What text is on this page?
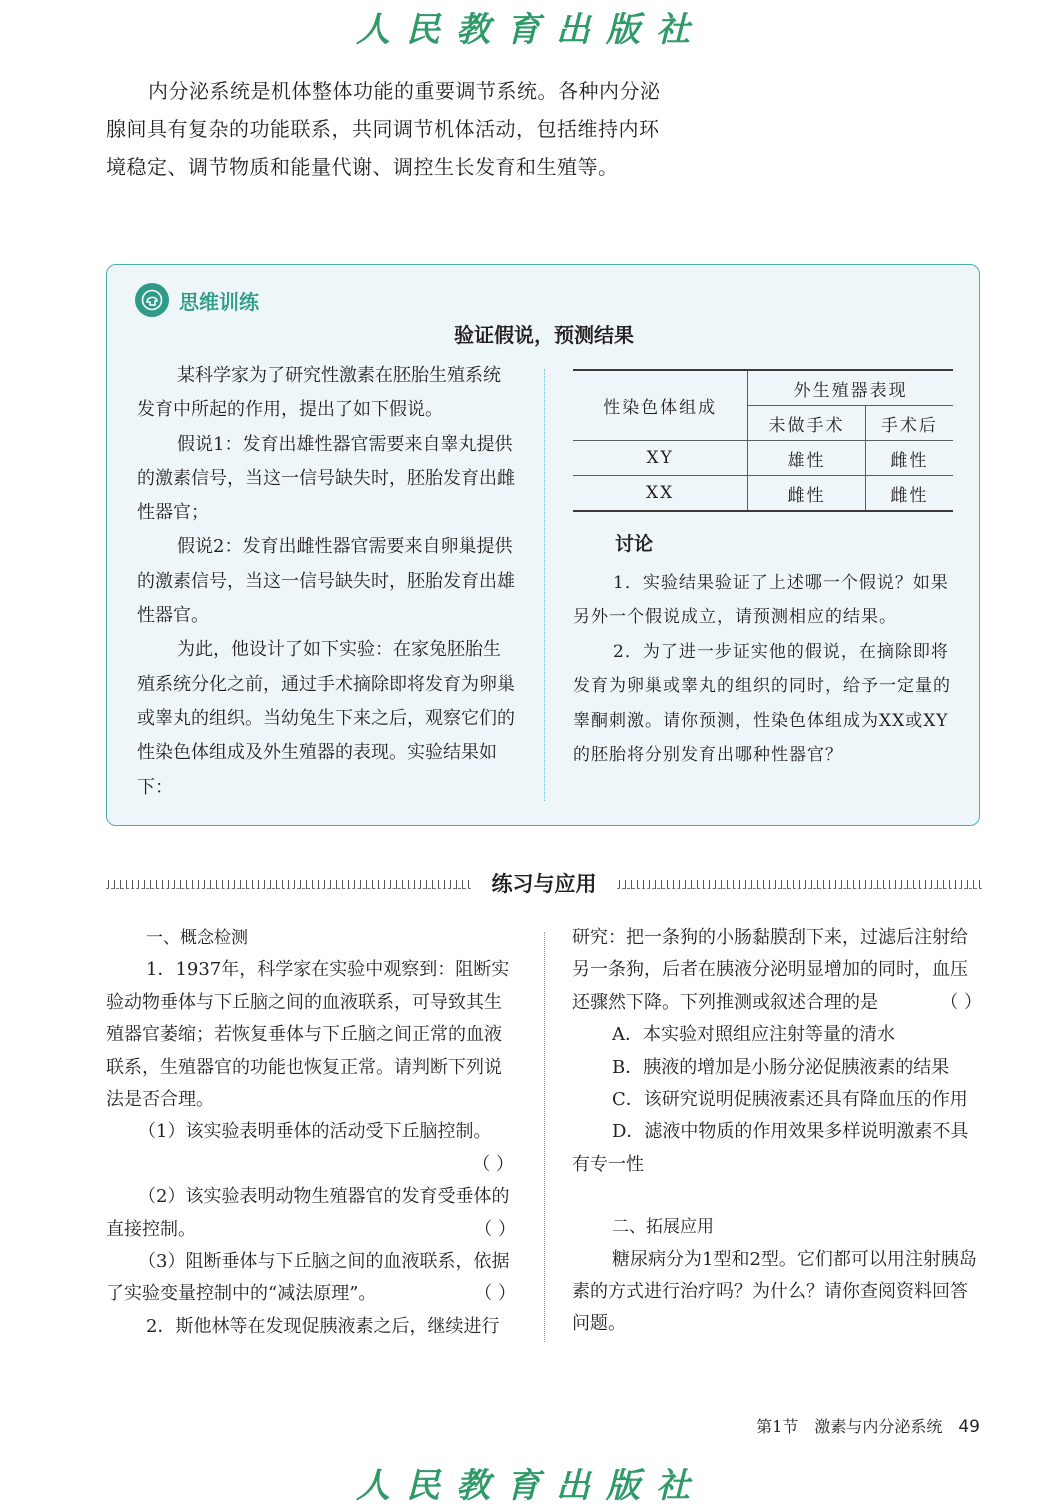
人民教育出版社

内分泌系统是机体整体功能的重要调节系统。各种内分泌腺间具有复杂的功能联系，共同调节机体活动，包括维持内环境稳定、调节物质和能量代谢、调控生长发育和生殖等。

思维训练
验证假说，预测结果

某科学家为了研究性激素在胚胎生殖系统发育中所起的作用，提出了如下假说。

假说1：发育出雄性器官需要来自睾丸提供的激素信号，当这一信号缺失时，胚胎发育出雌性器官；

假说2：发育出雌性器官需要来自卵巢提供的激素信号，当这一信号缺失时，胚胎发育出雄性器官。

为此，他设计了如下实验：在家兔胚胎生殖系统分化之前，通过手术摘除即将发育为卵巢或睾丸的组织。当幼兔生下来之后，观察它们的性染色体组成及外生殖器的表现。实验结果如下：

性染色体组成	外生殖器表现	
	未做手术	手术后
XY	雄性	雌性
XX	雌性	雌性
讨论

1．实验结果验证了上述哪一个假说？如果另外一个假说成立，请预测相应的结果。

2．为了进一步证实他的假说，在摘除即将发育为卵巢或睾丸的组织的同时，给予一定量的睾酮刺激。请你预测，性染色体组成为XX或XY的胚胎将分别发育出哪种性器官？

练习与应用

一、概念检测

1．1937年，科学家在实验中观察到：阻断实验动物垂体与下丘脑之间的血液联系，可导致其生殖器官萎缩；若恢复垂体与下丘脑之间正常的血液联系，生殖器官的功能也恢复正常。请判断下列说法是否合理。

（1）该实验表明垂体的活动受下丘脑控制。

（ ）

（2）该实验表明动物生殖器官的发育受垂体的直接控制。	（ ）

（3）阻断垂体与下丘脑之间的血液联系，依据了实验变量控制中的“减法原理”。	（ ）

2．斯他林等在发现促胰液素之后，继续进行

研究：把一条狗的小肠黏膜刮下来，过滤后注射给另一条狗，后者在胰液分泌明显增加的同时，血压还骤然下降。下列推测或叙述合理的是	（ ）

A．本实验对照组应注射等量的清水

B．胰液的增加是小肠分泌促胰液素的结果

C．该研究说明促胰液素还具有降血压的作用

D．滤液中物质的作用效果多样说明激素不具有专一性

二、拓展应用

糖尿病分为1型和2型。它们都可以用注射胰岛素的方式进行治疗吗？为什么？请你查阅资料回答问题。

第1节　激素与内分泌系统 49
人民教育出版社
